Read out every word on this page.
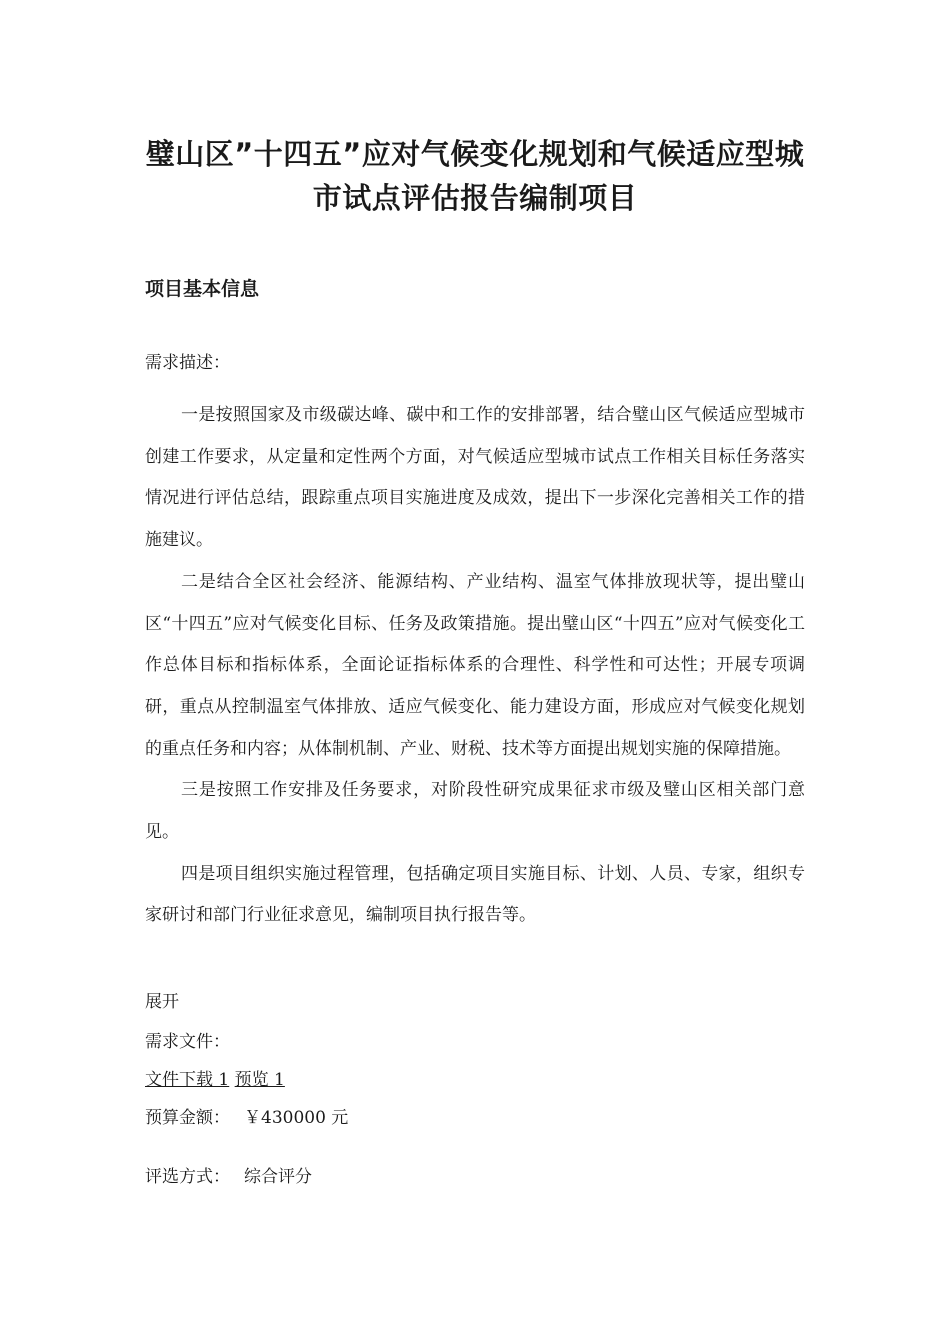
璧山区”十四五”应对气候变化规划和气候适应型城
市试点评估报告编制项目
项目基本信息

需求描述：

一是按照国家及市级碳达峰、碳中和工作的安排部署，结合璧山区气候适应型城市创建工作要求，从定量和定性两个方面，对气候适应型城市试点工作相关目标任务落实情况进行评估总结，跟踪重点项目实施进度及成效，提出下一步深化完善相关工作的措施建议。

二是结合全区社会经济、能源结构、产业结构、温室气体排放现状等，提出璧山区“十四五”应对气候变化目标、任务及政策措施。提出璧山区“十四五”应对气候变化工作总体目标和指标体系，全面论证指标体系的合理性、科学性和可达性；开展专项调研，重点从控制温室气体排放、适应气候变化、能力建设方面，形成应对气候变化规划的重点任务和内容；从体制机制、产业、财税、技术等方面提出规划实施的保障措施。

三是按照工作安排及任务要求，对阶段性研究成果征求市级及璧山区相关部门意见。

四是项目组织实施过程管理，包括确定项目实施目标、计划、人员、专家，组织专家研讨和部门行业征求意见，编制项目执行报告等。

展开

需求文件：

文件下载 1 预览 1

预算金额： ￥430000 元

评选方式： 综合评分
